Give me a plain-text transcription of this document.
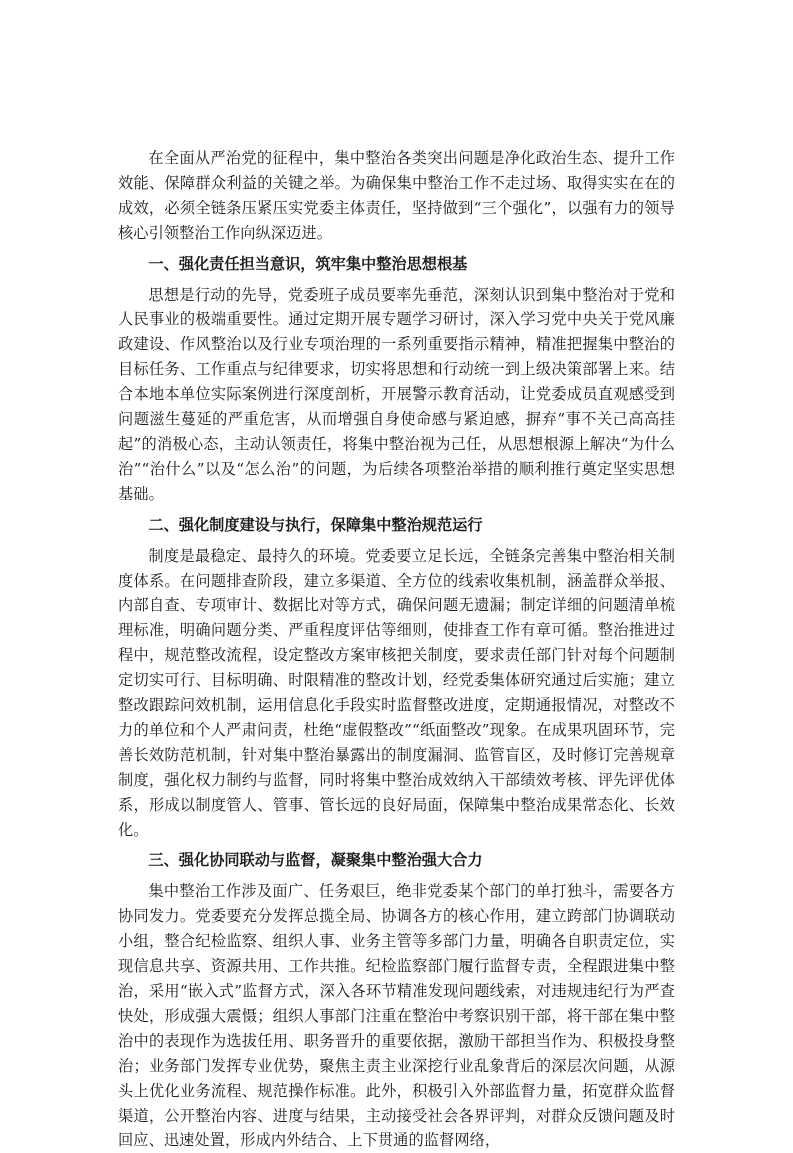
在全面从严治党的征程中，集中整治各类突出问题是净化政治生态、提升工作效能、保障群众利益的关键之举。为确保集中整治工作不走过场、取得实实在在的成效，必须全链条压紧压实党委主体责任，坚持做到“三个强化”，以强有力的领导核心引领整治工作向纵深迈进。

一、强化责任担当意识，筑牢集中整治思想根基

思想是行动的先导，党委班子成员要率先垂范，深刻认识到集中整治对于党和人民事业的极端重要性。通过定期开展专题学习研讨，深入学习党中央关于党风廉政建设、作风整治以及行业专项治理的一系列重要指示精神，精准把握集中整治的目标任务、工作重点与纪律要求，切实将思想和行动统一到上级决策部署上来。结合本地本单位实际案例进行深度剖析，开展警示教育活动，让党委成员直观感受到问题滋生蔓延的严重危害，从而增强自身使命感与紧迫感，摒弃“事不关己高高挂起”的消极心态，主动认领责任，将集中整治视为己任，从思想根源上解决“为什么治”“治什么”以及“怎么治”的问题，为后续各项整治举措的顺利推行奠定坚实思想基础。

二、强化制度建设与执行，保障集中整治规范运行

制度是最稳定、最持久的环境。党委要立足长远，全链条完善集中整治相关制度体系。在问题排查阶段，建立多渠道、全方位的线索收集机制，涵盖群众举报、内部自查、专项审计、数据比对等方式，确保问题无遗漏；制定详细的问题清单梳理标准，明确问题分类、严重程度评估等细则，使排查工作有章可循。整治推进过程中，规范整改流程，设定整改方案审核把关制度，要求责任部门针对每个问题制定切实可行、目标明确、时限精准的整改计划，经党委集体研究通过后实施；建立整改跟踪问效机制，运用信息化手段实时监督整改进度，定期通报情况，对整改不力的单位和个人严肃问责，杜绝“虚假整改”“纸面整改”现象。在成果巩固环节，完善长效防范机制，针对集中整治暴露出的制度漏洞、监管盲区，及时修订完善规章制度，强化权力制约与监督，同时将集中整治成效纳入干部绩效考核、评先评优体系，形成以制度管人、管事、管长远的良好局面，保障集中整治成果常态化、长效化。

三、强化协同联动与监督，凝聚集中整治强大合力

集中整治工作涉及面广、任务艰巨，绝非党委某个部门的单打独斗，需要各方协同发力。党委要充分发挥总揽全局、协调各方的核心作用，建立跨部门协调联动小组，整合纪检监察、组织人事、业务主管等多部门力量，明确各自职责定位，实现信息共享、资源共用、工作共推。纪检监察部门履行监督专责，全程跟进集中整治，采用“嵌入式”监督方式，深入各环节精准发现问题线索，对违规违纪行为严查快处，形成强大震慑；组织人事部门注重在整治中考察识别干部，将干部在集中整治中的表现作为选拔任用、职务晋升的重要依据，激励干部担当作为、积极投身整治；业务部门发挥专业优势，聚焦主责主业深挖行业乱象背后的深层次问题，从源头上优化业务流程、规范操作标准。此外，积极引入外部监督力量，拓宽群众监督渠道，公开整治内容、进度与结果，主动接受社会各界评判，对群众反馈问题及时回应、迅速处置，形成内外结合、上下贯通的监督网络，
